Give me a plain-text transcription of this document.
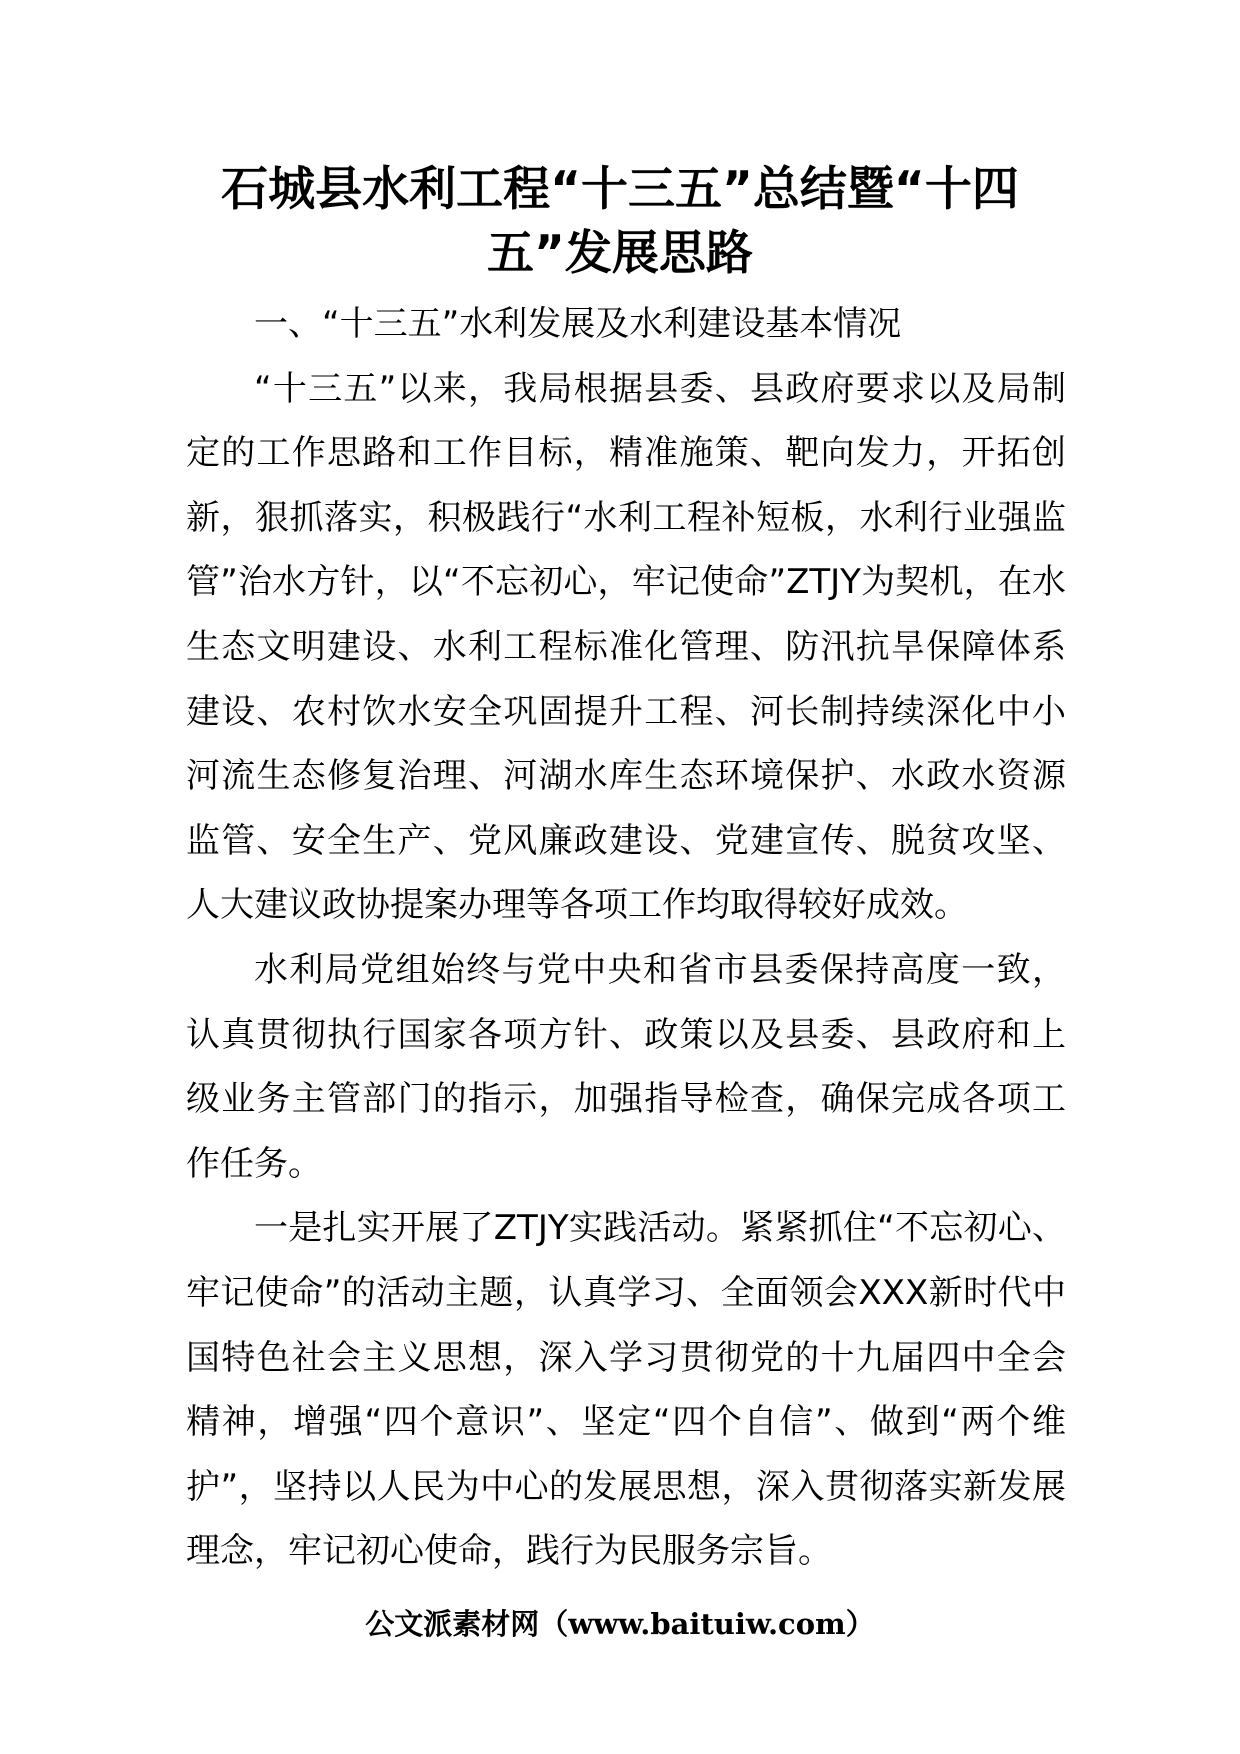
石城县水利工程“十三五”总结暨“十四
五”发展思路

一、“十三五”水利发展及水利建设基本情况

“十三五”以来，我局根据县委、县政府要求以及局制定的工作思路和工作目标，精准施策、靶向发力，开拓创新，狠抓落实，积极践行“水利工程补短板，水利行业强监管”治水方针，以“不忘初心，牢记使命”ZTJY为契机，在水生态文明建设、水利工程标准化管理、防汛抗旱保障体系建设、农村饮水安全巩固提升工程、河长制持续深化中小河流生态修复治理、河湖水库生态环境保护、水政水资源监管、安全生产、党风廉政建设、党建宣传、脱贫攻坚、人大建议政协提案办理等各项工作均取得较好成效。

水利局党组始终与党中央和省市县委保持高度一致，认真贯彻执行国家各项方针、政策以及县委、县政府和上级业务主管部门的指示，加强指导检查，确保完成各项工作任务。

一是扎实开展了ZTJY实践活动。紧紧抓住“不忘初心、牢记使命”的活动主题，认真学习、全面领会XXX新时代中国特色社会主义思想，深入学习贯彻党的十九届四中全会精神，增强“四个意识”、坚定“四个自信”、做到“两个维护”，坚持以人民为中心的发展思想，深入贯彻落实新发展理念，牢记初心使命，践行为民服务宗旨。

公文派素材网（www.baituiw.com）
